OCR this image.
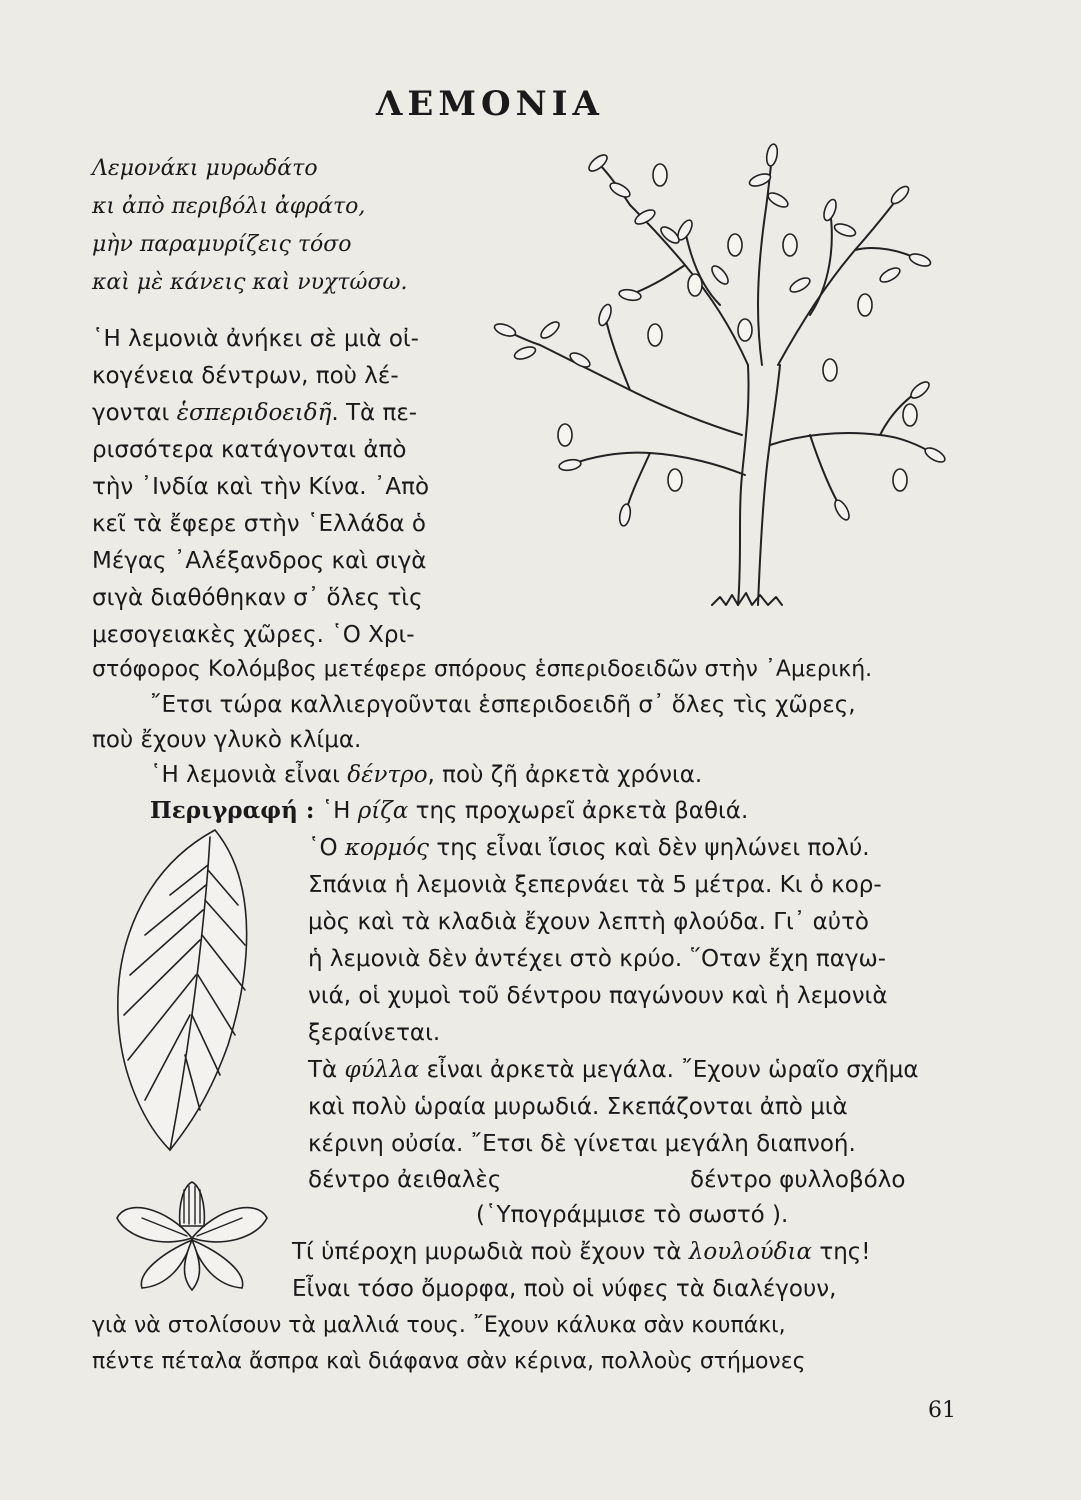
ΛΕΜΟΝΙΑ
Λεμονάκι μυρωδάτο
κι ἀπὸ περιβόλι ἀφράτο,
μὴν παραμυρίζεις τόσο
καὶ μὲ κάνεις καὶ νυχτώσω.
῾Η λεμονιὰ ἀνήκει σὲ μιὰ οἰ-
κογένεια δέντρων, ποὺ λέ-
γονται ἑσπεριδοειδῆ. Τὰ πε-
ρισσότερα κατάγονται ἀπὸ
τὴν ᾿Ινδία καὶ τὴν Κίνα. ᾿Απὸ
κεῖ τὰ ἔφερε στὴν ῾Ελλάδα ὁ
Μέγας ᾿Αλέξανδρος καὶ σιγὰ
σιγὰ διαθόθηκαν σ᾿ ὅλες τὶς
μεσογειακὲς χῶρες. ῾Ο Χρι-
στόφορος Κολόμβος μετέφερε σπόρους ἑσπεριδοειδῶν στὴν ᾿Αμερική.
῎Ετσι τώρα καλλιεργοῦνται ἑσπεριδοειδῆ σ᾿ ὅλες τὶς χῶρες,
ποὺ ἔχουν γλυκὸ κλίμα.
῾Η λεμονιὰ εἶναι δέντρο, ποὺ ζῆ ἀρκετὰ χρόνια.
Περιγραφή : ῾Η ρίζα της προχωρεῖ ἀρκετὰ βαθιά.
῾Ο κορμός της εἶναι ἴσιος καὶ δὲν ψηλώνει πολύ.
Σπάνια ἡ λεμονιὰ ξεπερνάει τὰ 5 μέτρα. Κι ὁ κορ-
μὸς καὶ τὰ κλαδιὰ ἔχουν λεπτὴ φλούδα. Γι᾿ αὐτὸ
ἡ λεμονιὰ δὲν ἀντέχει στὸ κρύο. ῞Οταν ἔχη παγω-
νιά, οἱ χυμοὶ τοῦ δέντρου παγώνουν καὶ ἡ λεμονιὰ
ξεραίνεται.
Τὰ φύλλα εἶναι ἀρκετὰ μεγάλα. ῎Εχουν ὡραῖο σχῆμα
καὶ πολὺ ὡραία μυρωδιά. Σκεπάζονται ἀπὸ μιὰ
κέρινη οὐσία. ῎Ετσι δὲ γίνεται μεγάλη διαπνοή.
δέντρο ἀειθαλὲς	δέντρο φυλλοβόλο
(῾Υπογράμμισε τὸ σωστό ).
Τί ὑπέροχη μυρωδιὰ ποὺ ἔχουν τὰ λουλούδια της!
Εἶναι τόσο ὄμορφα, ποὺ οἱ νύφες τὰ διαλέγουν,
γιὰ νὰ στολίσουν τὰ μαλλιά τους. ῎Εχουν κάλυκα σὰν κουπάκι,
πέντε πέταλα ἄσπρα καὶ διάφανα σὰν κέρινα, πολλοὺς στήμονες
61
